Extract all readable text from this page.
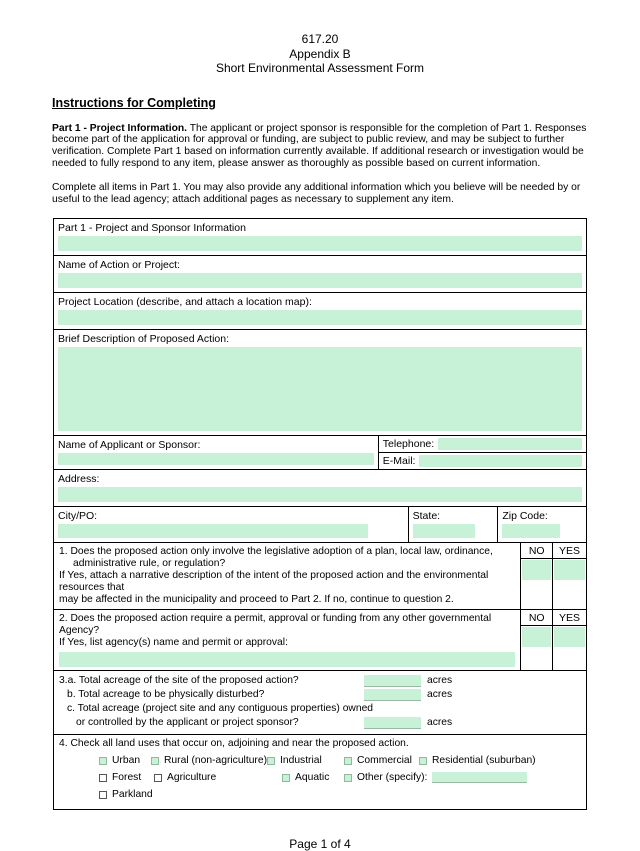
617.20
Appendix B
Short Environmental Assessment Form
Instructions for Completing

Part 1 - Project Information. The applicant or project sponsor is responsible for the completion of Part 1. Responses become part of the application for approval or funding, are subject to public review, and may be subject to further verification. Complete Part 1 based on information currently available. If additional research or investigation would be needed to fully respond to any item, please answer as thoroughly as possible based on current information.

Complete all items in Part 1. You may also provide any additional information which you believe will be needed by or useful to the lead agency; attach additional pages as necessary to supplement any item.

Part 1 - Project and Sponsor Information
Name of Action or Project:
Project Location (describe, and attach a location map):
Brief Description of Proposed Action:
Name of Applicant or Sponsor:	Telephone:
E-Mail:
Address:
City/PO:	State:	Zip Code:
1. Does the proposed action only involve the legislative adoption of a plan, local law, ordinance,
administrative rule, or regulation?
If Yes, attach a narrative description of the intent of the proposed action and the environmental resources that
may be affected in the municipality and proceed to Part 2. If no, continue to question 2.
NO	YES
2. Does the proposed action require a permit, approval or funding from any other governmental Agency?
If Yes, list agency(s) name and permit or approval:
NO	YES
3.a. Total acreage of the site of the proposed action?	acres
b. Total acreage to be physically disturbed?	acres
c. Total acreage (project site and any contiguous properties) owned
or controlled by the applicant or project sponsor?	acres
4. Check all land uses that occur on, adjoining and near the proposed action.
Urban Rural (non-agriculture) Industrial	Commercial Residential (suburban)
Forest	Agriculture	Aquatic	Other (specify):
Parkland
Page 1 of 4
